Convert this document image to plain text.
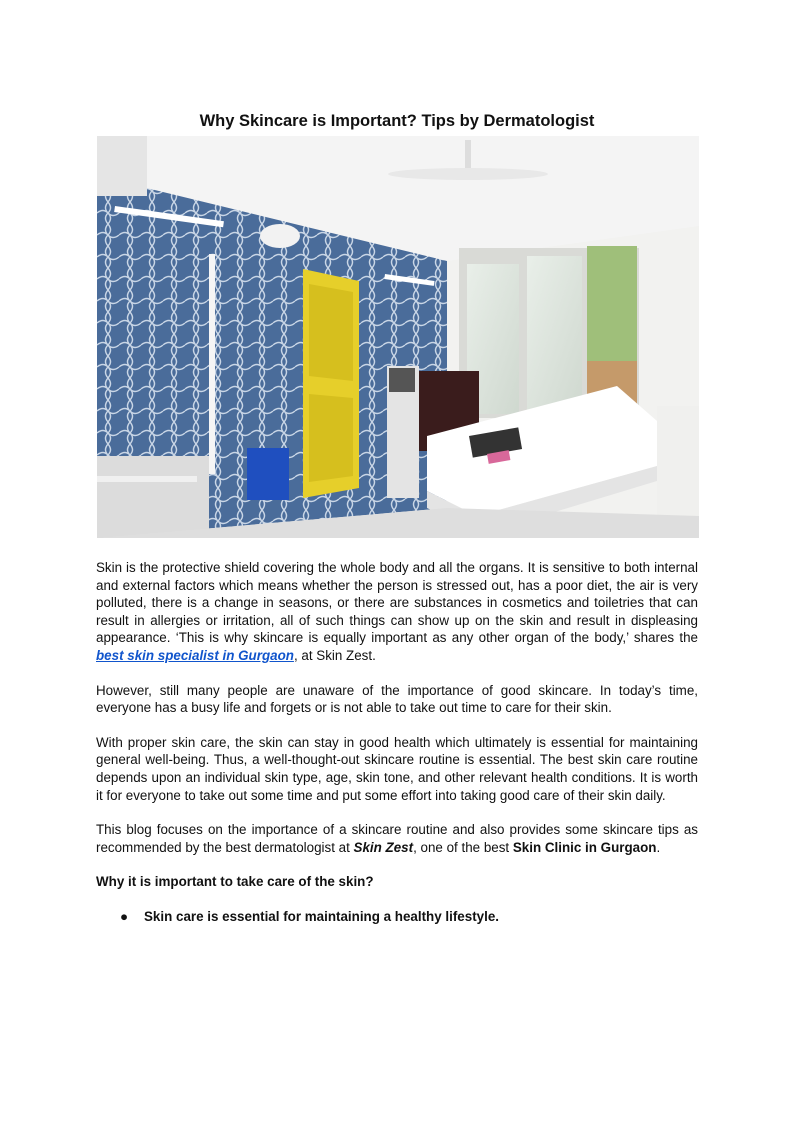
Why Skincare is Important? Tips by Dermatologist

Skin is the protective shield covering the whole body and all the organs. It is sensitive to both internal and external factors which means whether the person is stressed out, has a poor diet, the air is very polluted, there is a change in seasons, or there are substances in cosmetics and toiletries that can result in allergies or irritation, all of such things can show up on the skin and result in displeasing appearance. ‘This is why skincare is equally important as any other organ of the body,’ shares the best skin specialist in Gurgaon, at Skin Zest.

However, still many people are unaware of the importance of good skincare. In today’s time, everyone has a busy life and forgets or is not able to take out time to care for their skin.

With proper skin care, the skin can stay in good health which ultimately is essential for maintaining general well-being. Thus, a well-thought-out skincare routine is essential. The best skin care routine depends upon an individual skin type, age, skin tone, and other relevant health conditions. It is worth it for everyone to take out some time and put some effort into taking good care of their skin daily.

This blog focuses on the importance of a skincare routine and also provides some skincare tips as recommended by the best dermatologist at Skin Zest, one of the best Skin Clinic in Gurgaon.

Why it is important to take care of the skin?
● Skin care is essential for maintaining a healthy lifestyle.
